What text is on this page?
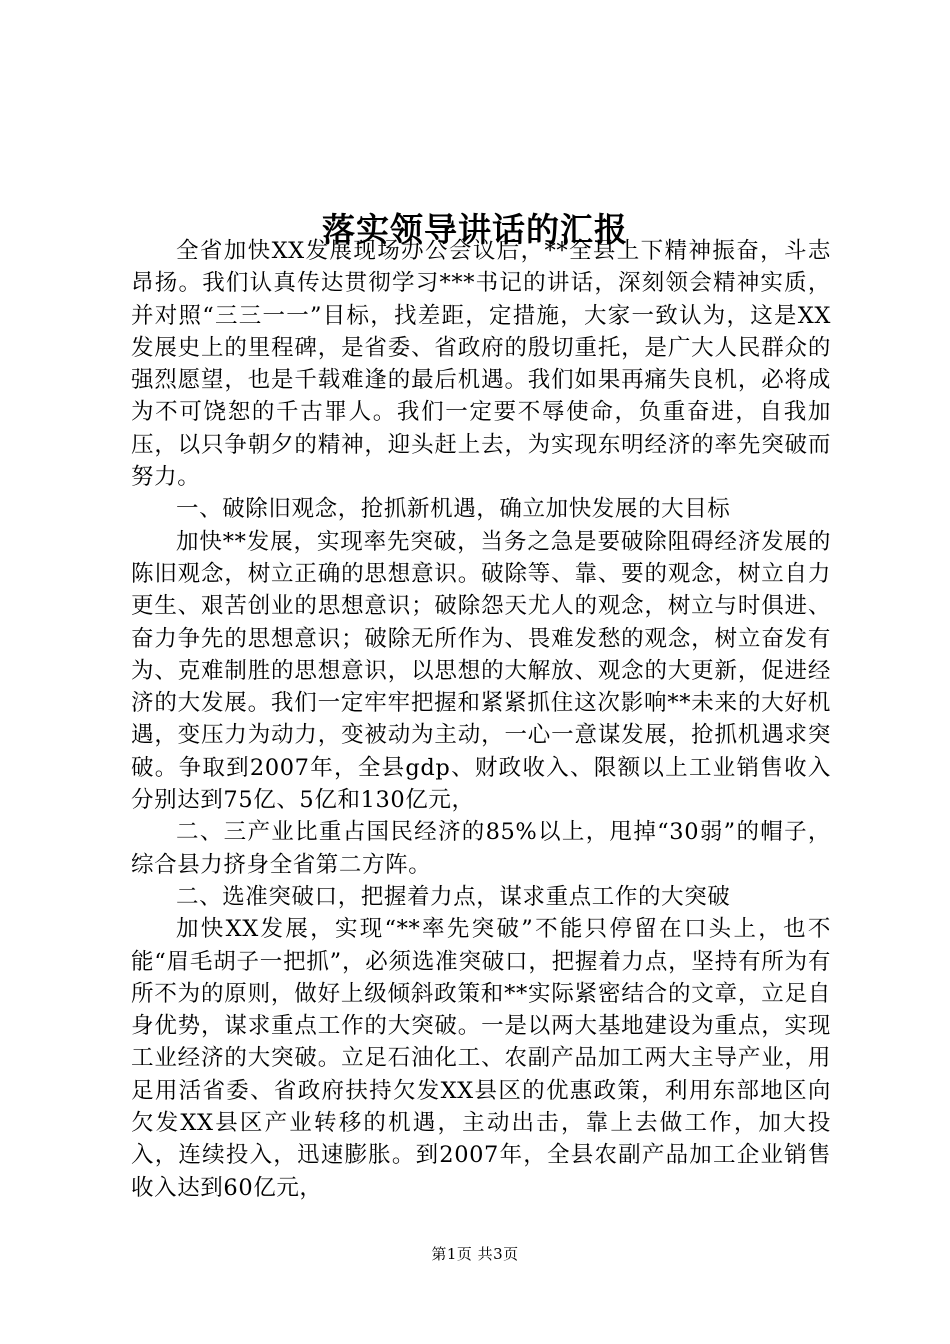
落实领导讲话的汇报

全省加快XX发展现场办公会议后，**全县上下精神振奋，斗志昂扬。我们认真传达贯彻学习***书记的讲话，深刻领会精神实质，并对照“三三一一”目标，找差距，定措施，大家一致认为，这是XX发展史上的里程碑，是省委、省政府的殷切重托，是广大人民群众的强烈愿望，也是千载难逢的最后机遇。我们如果再痛失良机，必将成为不可饶恕的千古罪人。我们一定要不辱使命，负重奋进，自我加压，以只争朝夕的精神，迎头赶上去，为实现东明经济的率先突破而努力。

一、破除旧观念，抢抓新机遇，确立加快发展的大目标

加快**发展，实现率先突破，当务之急是要破除阻碍经济发展的陈旧观念，树立正确的思想意识。破除等、靠、要的观念，树立自力更生、艰苦创业的思想意识；破除怨天尤人的观念，树立与时俱进、奋力争先的思想意识；破除无所作为、畏难发愁的观念，树立奋发有为、克难制胜的思想意识，以思想的大解放、观念的大更新，促进经济的大发展。我们一定牢牢把握和紧紧抓住这次影响**未来的大好机遇，变压力为动力，变被动为主动，一心一意谋发展，抢抓机遇求突破。争取到2007年，全县gdp、财政收入、限额以上工业销售收入分别达到75亿、5亿和130亿元，

二、三产业比重占国民经济的85%以上，甩掉“30弱”的帽子，综合县力挤身全省第二方阵。

二、选准突破口，把握着力点，谋求重点工作的大突破

加快XX发展，实现“**率先突破”不能只停留在口头上，也不能“眉毛胡子一把抓”，必须选准突破口，把握着力点，坚持有所为有所不为的原则，做好上级倾斜政策和**实际紧密结合的文章，立足自身优势，谋求重点工作的大突破。一是以两大基地建设为重点，实现工业经济的大突破。立足石油化工、农副产品加工两大主导产业，用足用活省委、省政府扶持欠发XX县区的优惠政策，利用东部地区向欠发XX县区产业转移的机遇，主动出击，靠上去做工作，加大投入，连续投入，迅速膨胀。到2007年，全县农副产品加工企业销售收入达到60亿元，

第1页 共3页
